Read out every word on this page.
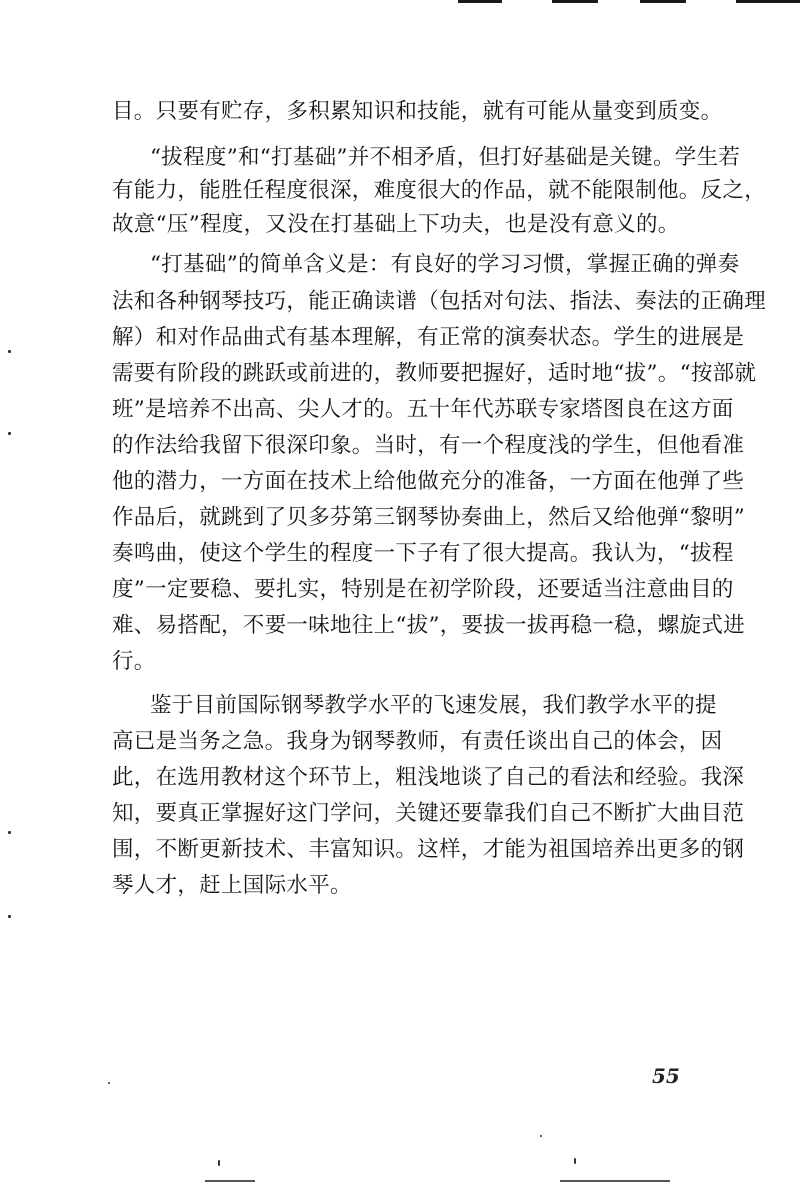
目。只要有贮存，多积累知识和技能，就有可能从量变到质变。
“拔程度”和“打基础”并不相矛盾，但打好基础是关键。学生若
有能力，能胜任程度很深，难度很大的作品，就不能限制他。反之，
故意“压”程度，又没在打基础上下功夫，也是没有意义的。
“打基础”的简单含义是：有良好的学习习惯，掌握正确的弹奏
法和各种钢琴技巧，能正确读谱（包括对句法、指法、奏法的正确理
解）和对作品曲式有基本理解，有正常的演奏状态。学生的进展是
需要有阶段的跳跃或前进的，教师要把握好，适时地“拔”。“按部就
班”是培养不出高、尖人才的。五十年代苏联专家塔图良在这方面
的作法给我留下很深印象。当时，有一个程度浅的学生，但他看准
他的潜力，一方面在技术上给他做充分的准备，一方面在他弹了些
作品后，就跳到了贝多芬第三钢琴协奏曲上，然后又给他弹“黎明”
奏鸣曲，使这个学生的程度一下子有了很大提高。我认为，“拔程
度”一定要稳、要扎实，特别是在初学阶段，还要适当注意曲目的
难、易搭配，不要一味地往上“拔”，要拔一拔再稳一稳，螺旋式进
行。
鉴于目前国际钢琴教学水平的飞速发展，我们教学水平的提
高已是当务之急。我身为钢琴教师，有责任谈出自己的体会，因
此，在选用教材这个环节上，粗浅地谈了自己的看法和经验。我深
知，要真正掌握好这门学问，关键还要靠我们自己不断扩大曲目范
围，不断更新技术、丰富知识。这样，才能为祖国培养出更多的钢
琴人才，赶上国际水平。
55
